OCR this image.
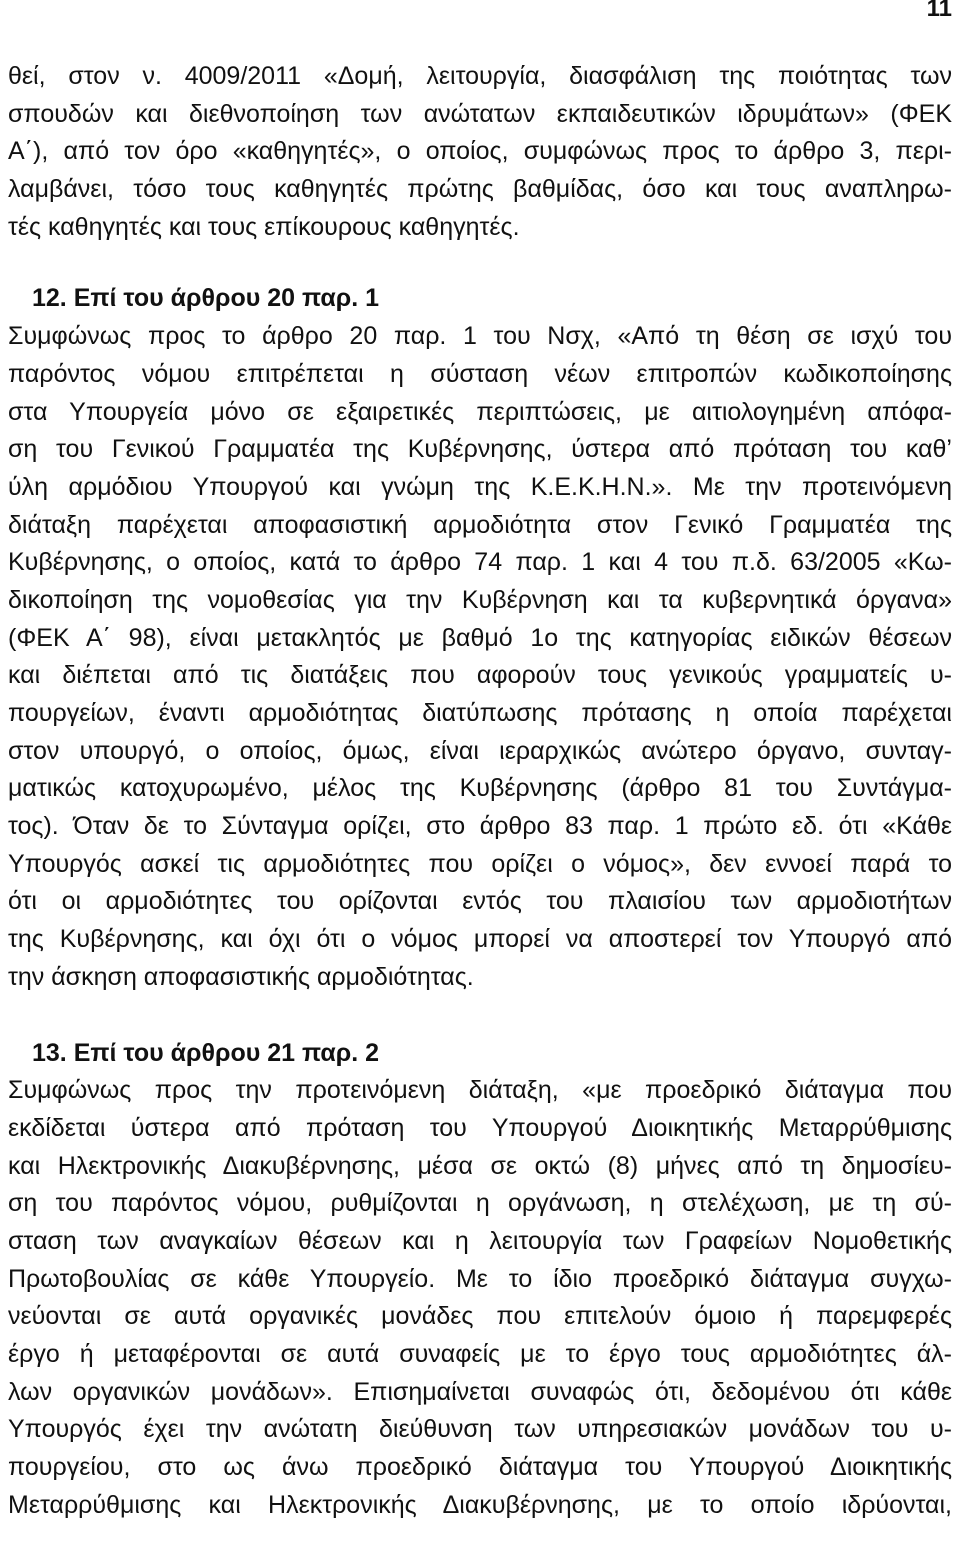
11
θεί, στον ν. 4009/2011 «Δομή, λειτουργία, διασφάλιση της ποιότητας των
σπουδών και διεθνοποίηση των ανώτατων εκπαιδευτικών ιδρυμάτων» (ΦΕΚ
Α΄), από τον όρο «καθηγητές», ο οποίος, συμφώνως προς το άρθρο 3, περι-
λαμβάνει, τόσο τους καθηγητές πρώτης βαθμίδας, όσο και τους αναπληρω-
τές καθηγητές και τους επίκουρους καθηγητές.
12. Επί του άρθρου 20 παρ. 1
Συμφώνως προς το άρθρο 20 παρ. 1 του Νσχ, «Από τη θέση σε ισχύ του
παρόντος νόμου επιτρέπεται η σύσταση νέων επιτροπών κωδικοποίησης
στα Υπουργεία μόνο σε εξαιρετικές περιπτώσεις, με αιτιολογημένη απόφα-
ση του Γενικού Γραμματέα της Κυβέρνησης, ύστερα από πρόταση του καθ’
ύλη αρμόδιου Υπουργού και γνώμη της Κ.Ε.Κ.Η.Ν.». Με την προτεινόμενη
διάταξη παρέχεται αποφασιστική αρμοδιότητα στον Γενικό Γραμματέα της
Κυβέρνησης, ο οποίος, κατά το άρθρο 74 παρ. 1 και 4 του π.δ. 63/2005 «Κω-
δικοποίηση της νομοθεσίας για την Κυβέρνηση και τα κυβερνητικά όργανα»
(ΦΕΚ Α΄ 98), είναι μετακλητός με βαθμό 1ο της κατηγορίας ειδικών θέσεων
και διέπεται από τις διατάξεις που αφορούν τους γενικούς γραμματείς υ-
πουργείων, έναντι αρμοδιότητας διατύπωσης πρότασης η οποία παρέχεται
στον υπουργό, ο οποίος, όμως, είναι ιεραρχικώς ανώτερο όργανο, συνταγ-
ματικώς κατοχυρωμένο, μέλος της Κυβέρνησης (άρθρο 81 του Συντάγμα-
τος). Όταν δε το Σύνταγμα ορίζει, στο άρθρο 83 παρ. 1 πρώτο εδ. ότι «Κάθε
Υπουργός ασκεί τις αρμοδιότητες που ορίζει ο νόμος», δεν εννοεί παρά το
ότι οι αρμοδιότητες του ορίζονται εντός του πλαισίου των αρμοδιοτήτων
της Κυβέρνησης, και όχι ότι ο νόμος μπορεί να αποστερεί τον Υπουργό από
την άσκηση αποφασιστικής αρμοδιότητας.
13. Επί του άρθρου 21 παρ. 2
Συμφώνως προς την προτεινόμενη διάταξη, «με προεδρικό διάταγμα που
εκδίδεται ύστερα από πρόταση του Υπουργού Διοικητικής Μεταρρύθμισης
και Ηλεκτρονικής Διακυβέρνησης, μέσα σε οκτώ (8) μήνες από τη δημοσίευ-
ση του παρόντος νόμου, ρυθμίζονται η οργάνωση, η στελέχωση, με τη σύ-
σταση των αναγκαίων θέσεων και η λειτουργία των Γραφείων Νομοθετικής
Πρωτοβουλίας σε κάθε Υπουργείο. Με το ίδιο προεδρικό διάταγμα συγχω-
νεύονται σε αυτά οργανικές μονάδες που επιτελούν όμοιο ή παρεμφερές
έργο ή μεταφέρονται σε αυτά συναφείς με το έργο τους αρμοδιότητες άλ-
λων οργανικών μονάδων». Επισημαίνεται συναφώς ότι, δεδομένου ότι κάθε
Υπουργός έχει την ανώτατη διεύθυνση των υπηρεσιακών μονάδων του υ-
πουργείου, στο ως άνω προεδρικό διάταγμα του Υπουργού Διοικητικής
Μεταρρύθμισης και Ηλεκτρονικής Διακυβέρνησης, με το οποίο ιδρύονται,
